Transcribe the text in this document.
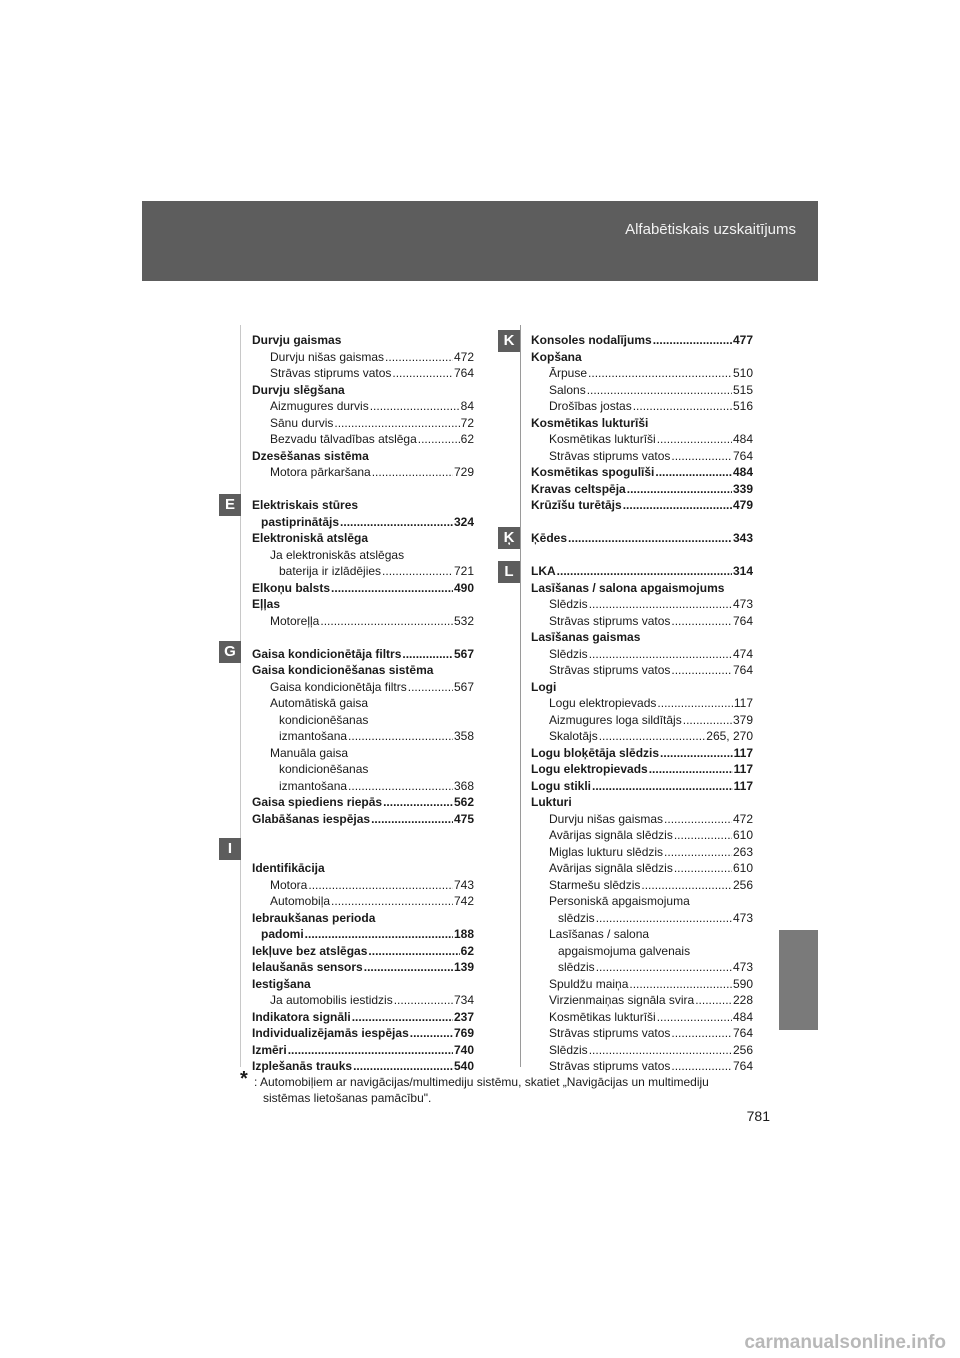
Alfabētiskais uzskaitījums
E
G
I
K
Ķ
L
Durvju gaismas
Durvju nišas gaismas .....	472
Strāvas stiprums vatos .....	764
Durvju slēgšana
Aizmugures durvis .....	84
Sānu durvis .....	72
Bezvadu tālvadības atslēga .....	62
Dzesēšanas sistēma
Motora pārkaršana .....	729
Elektriskais stūres
pastiprinātājs .....	324
Elektroniskā atslēga
Ja elektroniskās atslēgas
baterija ir izlādējies .....	721
Elkoņu balsts .....	490
Eļļas
Motoreļļa .....	532
Gaisa kondicionētāja filtrs .....	567
Gaisa kondicionēšanas sistēma
Gaisa kondicionētāja filtrs .....	567
Automātiskā gaisa
kondicionēšanas
izmantošana .....	358
Manuāla gaisa
kondicionēšanas
izmantošana .....	368
Gaisa spiediens riepās .....	562
Glabāšanas iespējas .....	475
Identifikācija
Motora .....	743
Automobiļa .....	742
Iebraukšanas perioda
padomi .....	188
Iekļuve bez atslēgas .....	62
Ielaušanās sensors .....	139
Iestigšana
Ja automobilis iestidzis .....	734
Indikatora signāli .....	237
Individualizējamās iespējas .....	769
Izmēri .....	740
Izplešanās trauks .....	540
Konsoles nodalījums .....	477
Kopšana
Ārpuse .....	510
Salons .....	515
Drošības jostas .....	516
Kosmētikas lukturīši
Kosmētikas lukturīši .....	484
Strāvas stiprums vatos .....	764
Kosmētikas spogulīši .....	484
Kravas celtspēja .....	339
Krūzīšu turētājs .....	479
Ķēdes .....	343
LKA .....	314
Lasīšanas / salona apgaismojums
Slēdzis .....	473
Strāvas stiprums vatos .....	764
Lasīšanas gaismas
Slēdzis .....	474
Strāvas stiprums vatos .....	764
Logi
Logu elektropievads .....	117
Aizmugures loga sildītājs .....	379
Skalotājs .....	265, 270
Logu bloķētāja slēdzis .....	117
Logu elektropievads .....	117
Logu stikli .....	117
Lukturi
Durvju nišas gaismas .....	472
Avārijas signāla slēdzis .....	610
Miglas lukturu slēdzis .....	263
Avārijas signāla slēdzis .....	610
Starmešu slēdzis .....	256
Personiskā apgaismojuma
slēdzis .....	473
Lasīšanas / salona
apgaismojuma galvenais
slēdzis .....	473
Spuldžu maiņa .....	590
Virzienmaiņas signāla svira .....	228
Kosmētikas lukturīši .....	484
Strāvas stiprums vatos .....	764
Slēdzis .....	256
Strāvas stiprums vatos .....	764
* : Automobiļiem ar navigācijas/multimediju sistēmu, skatiet „Navigācijas un multimediju
sistēmas lietošanas pamācību".
781
carmanualsonline.info
